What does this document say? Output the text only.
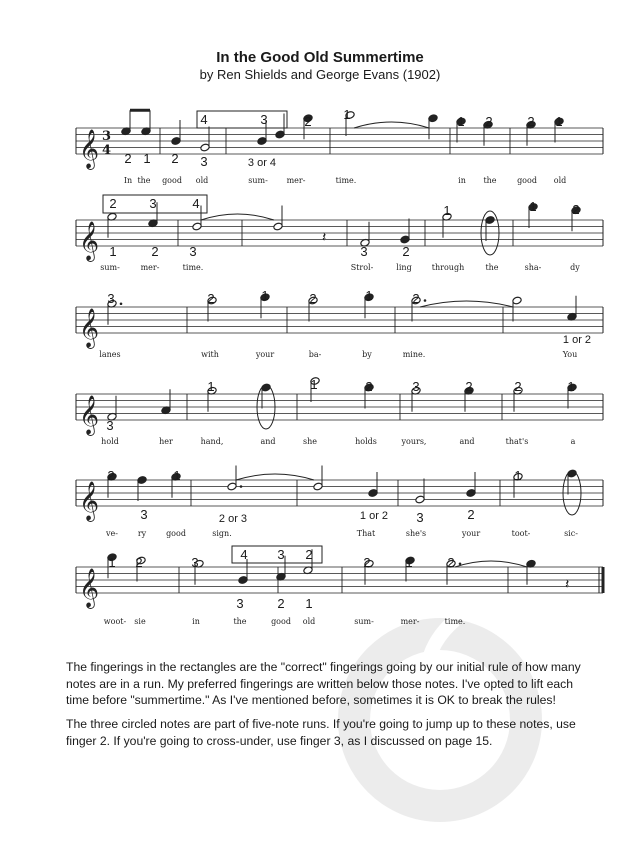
In the Good Old Summertime
by Ren Shields and George Evans (1902)
𝄞 3
4
2 1 2 3	3 or 4
4	3	2 1	1 2	2 1
In the good old	sum- mer-	time.	in the	good old
𝄞	𝄽
2	3	4
1	2 3	3	2
1	1	2
sum-	mer-	time.	Strol-	ling	through	the	sha-	dy
𝄞
3	2	1	2	1	2
1 or 2
lanes	with	your	ba-	by	mine.	You
𝄞 3
1	1	2	3	2	2	1
hold	her	hand,	and	she	holds	yours,	and	that's	a
𝄞
2	1
3	2 or 3	1 or 2 3	2
1
ve- ry good	sign.	That	she's	your	toot-	sic-
𝄞	𝄽
1 2	3
4 3 2
2	1	2
3	2 1
woot- sie	in	the	good old	sum-	mer-	time.
The fingerings in the rectangles are the "correct" fingerings going by our initial rule of how many notes are in a run. My preferred fingerings are written below those notes. I've opted to lift each time before "summertime." As I've mentioned before, sometimes it is OK to break the rules!
The three circled notes are part of five-note runs. If you're going to jump up to these notes, use finger 2. If you're going to cross-under, use finger 3, as I discussed on page 15.
